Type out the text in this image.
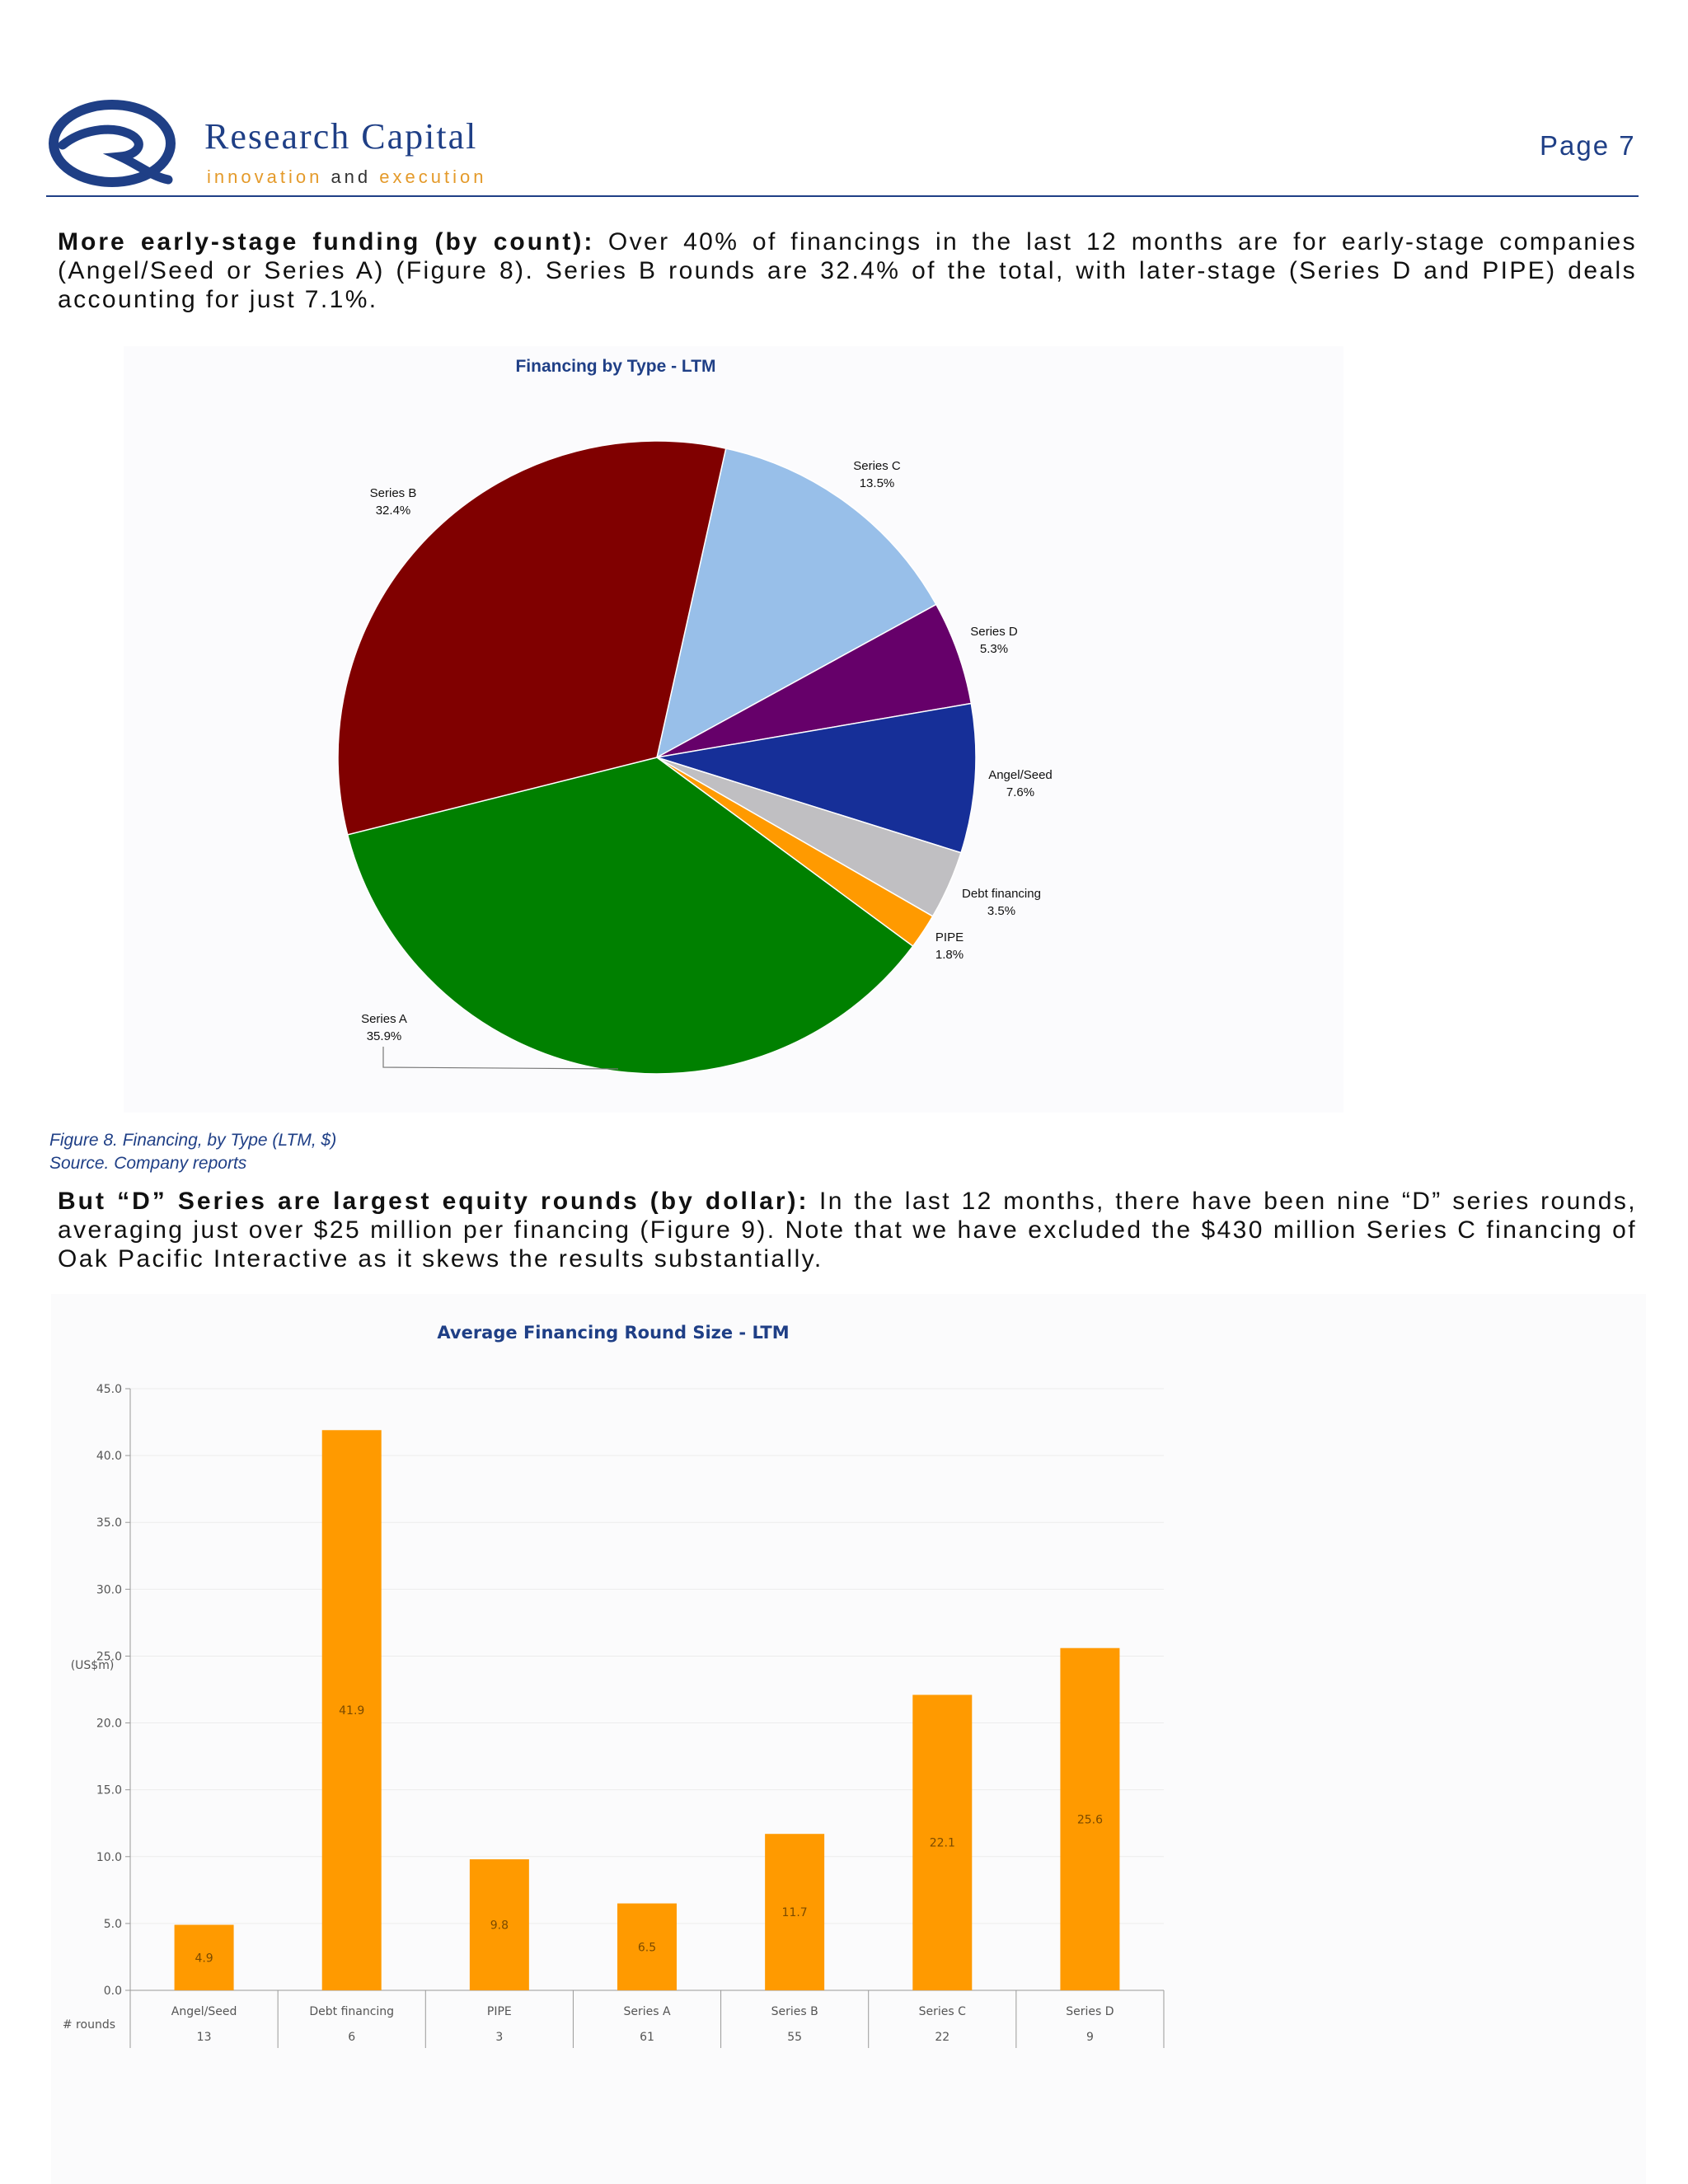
Research Capital
innovation and execution
Page 7
More early-stage funding (by count): Over 40% of financings in the last 12 months are for early-stage companies (Angel/Seed or Series A) (Figure 8). Series B rounds are 32.4% of the total, with later-stage (Series D and PIPE) deals accounting for just 7.1%.
Financing by Type - LTM
Series C
13.5%
Series D
5.3%
Angel/Seed
7.6%
Debt financing
3.5%
PIPE
1.8%
Series A
35.9%
Series B
32.4%
Figure 8. Financing, by Type (LTM, $)
Source. Company reports
But “D” Series are largest equity rounds (by dollar): In the last 12 months, there have been nine “D” series rounds, averaging just over $25 million per financing (Figure 9). Note that we have excluded the $430 million Series C financing of Oak Pacific Interactive as it skews the results substantially.
Average Financing Round Size - LTM
0.0
5.0
10.0
15.0
20.0
25.0
30.0
35.0
40.0
45.0
(US$m)
4.9
Angel/Seed
13
41.9
Debt financing
6
9.8
PIPE
3
6.5
Series A
61
11.7
Series B
55
22.1
Series C
22
25.6
Series D
9
# rounds
